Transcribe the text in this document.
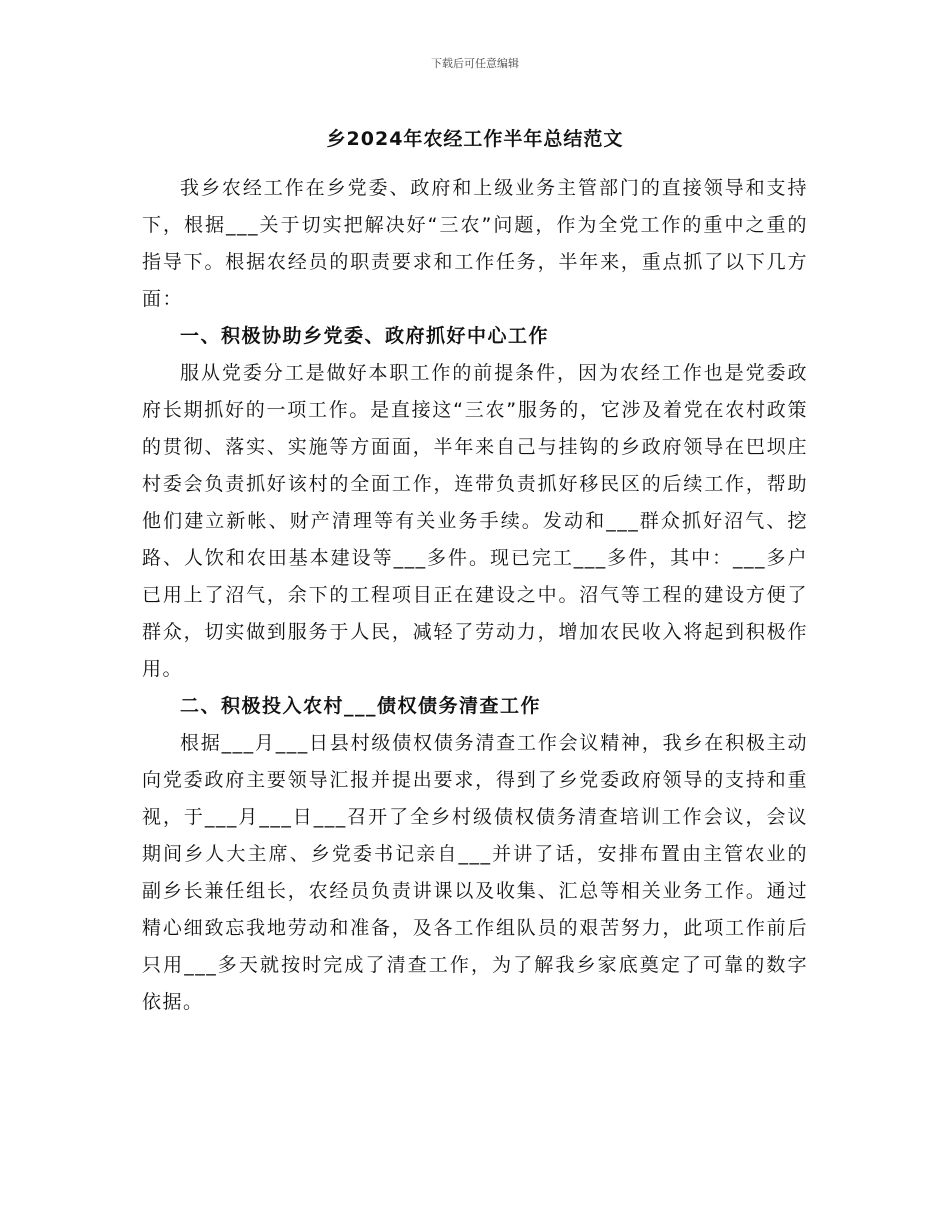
下载后可任意编辑
乡2024年农经工作半年总结范文

我乡农经工作在乡党委、政府和上级业务主管部门的直接领导和支持下，根据___关于切实把解决好“三农”问题，作为全党工作的重中之重的指导下。根据农经员的职责要求和工作任务，半年来，重点抓了以下几方面：

一、积极协助乡党委、政府抓好中心工作

服从党委分工是做好本职工作的前提条件，因为农经工作也是党委政府长期抓好的一项工作。是直接这“三农”服务的，它涉及着党在农村政策的贯彻、落实、实施等方面面，半年来自己与挂钩的乡政府领导在巴坝庄村委会负责抓好该村的全面工作，连带负责抓好移民区的后续工作，帮助他们建立新帐、财产清理等有关业务手续。发动和___群众抓好沼气、挖路、人饮和农田基本建设等___多件。现已完工___多件，其中：___多户已用上了沼气，余下的工程项目正在建设之中。沼气等工程的建设方便了群众，切实做到服务于人民，减轻了劳动力，增加农民收入将起到积极作用。

二、积极投入农村___债权债务清查工作

根据___月___日县村级债权债务清查工作会议精神，我乡在积极主动向党委政府主要领导汇报并提出要求，得到了乡党委政府领导的支持和重视，于___月___日___召开了全乡村级债权债务清查培训工作会议，会议期间乡人大主席、乡党委书记亲自___并讲了话，安排布置由主管农业的副乡长兼任组长，农经员负责讲课以及收集、汇总等相关业务工作。通过精心细致忘我地劳动和准备，及各工作组队员的艰苦努力，此项工作前后只用___多天就按时完成了清查工作，为了解我乡家底奠定了可靠的数字依据。
